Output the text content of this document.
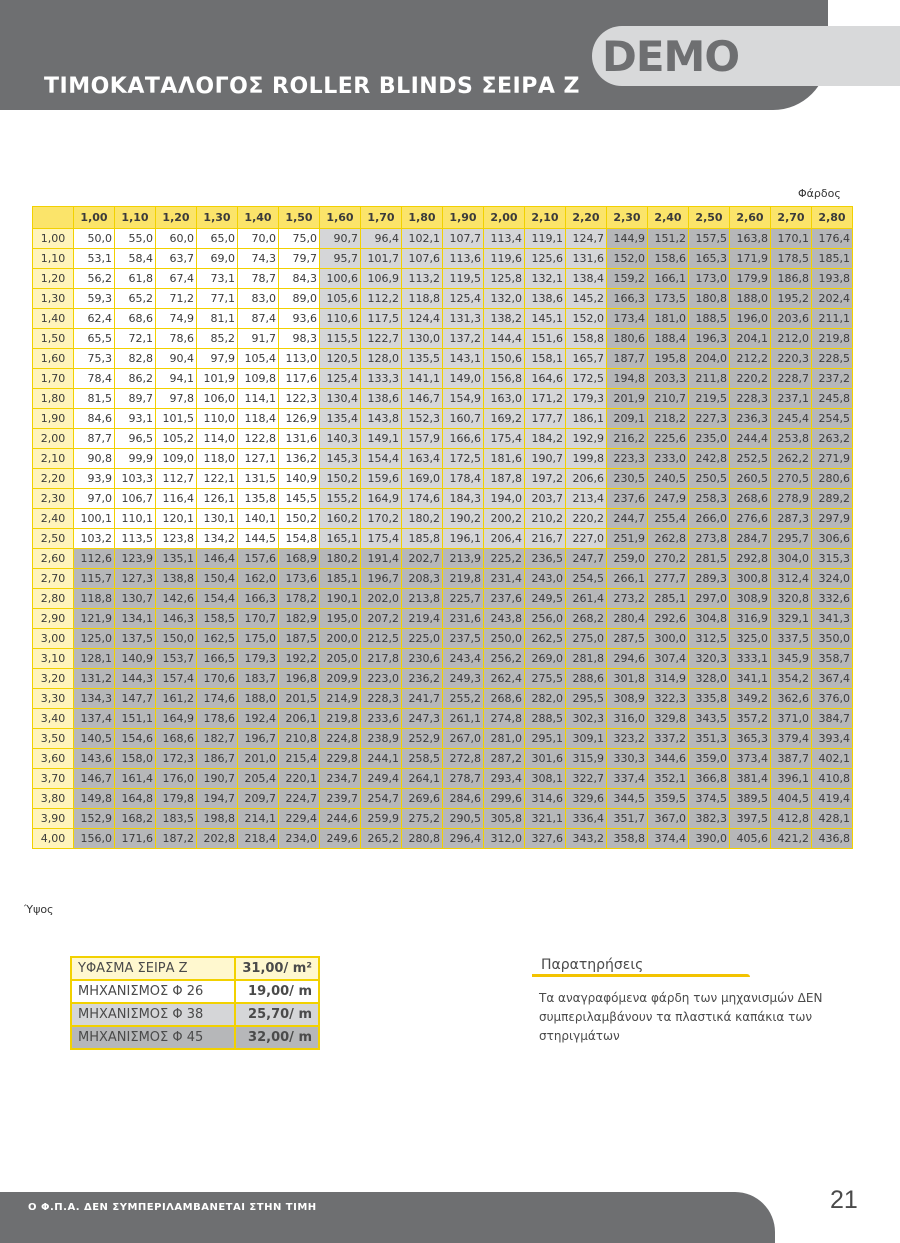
ΤΙΜΟΚΑΤΑΛΟΓΟΣ ROLLER BLINDS ΣΕΙΡΑ Ζ
DEMO
Φάρδος
	1,00	1,10	1,20	1,30	1,40	1,50	1,60	1,70	1,80	1,90	2,00	2,10	2,20	2,30	2,40	2,50	2,60	2,70	2,80
1,00	50,0	55,0	60,0	65,0	70,0	75,0	90,7	96,4	102,1	107,7	113,4	119,1	124,7	144,9	151,2	157,5	163,8	170,1	176,4
1,10	53,1	58,4	63,7	69,0	74,3	79,7	95,7	101,7	107,6	113,6	119,6	125,6	131,6	152,0	158,6	165,3	171,9	178,5	185,1
1,20	56,2	61,8	67,4	73,1	78,7	84,3	100,6	106,9	113,2	119,5	125,8	132,1	138,4	159,2	166,1	173,0	179,9	186,8	193,8
1,30	59,3	65,2	71,2	77,1	83,0	89,0	105,6	112,2	118,8	125,4	132,0	138,6	145,2	166,3	173,5	180,8	188,0	195,2	202,4
1,40	62,4	68,6	74,9	81,1	87,4	93,6	110,6	117,5	124,4	131,3	138,2	145,1	152,0	173,4	181,0	188,5	196,0	203,6	211,1
1,50	65,5	72,1	78,6	85,2	91,7	98,3	115,5	122,7	130,0	137,2	144,4	151,6	158,8	180,6	188,4	196,3	204,1	212,0	219,8
1,60	75,3	82,8	90,4	97,9	105,4	113,0	120,5	128,0	135,5	143,1	150,6	158,1	165,7	187,7	195,8	204,0	212,2	220,3	228,5
1,70	78,4	86,2	94,1	101,9	109,8	117,6	125,4	133,3	141,1	149,0	156,8	164,6	172,5	194,8	203,3	211,8	220,2	228,7	237,2
1,80	81,5	89,7	97,8	106,0	114,1	122,3	130,4	138,6	146,7	154,9	163,0	171,2	179,3	201,9	210,7	219,5	228,3	237,1	245,8
1,90	84,6	93,1	101,5	110,0	118,4	126,9	135,4	143,8	152,3	160,7	169,2	177,7	186,1	209,1	218,2	227,3	236,3	245,4	254,5
2,00	87,7	96,5	105,2	114,0	122,8	131,6	140,3	149,1	157,9	166,6	175,4	184,2	192,9	216,2	225,6	235,0	244,4	253,8	263,2
2,10	90,8	99,9	109,0	118,0	127,1	136,2	145,3	154,4	163,4	172,5	181,6	190,7	199,8	223,3	233,0	242,8	252,5	262,2	271,9
2,20	93,9	103,3	112,7	122,1	131,5	140,9	150,2	159,6	169,0	178,4	187,8	197,2	206,6	230,5	240,5	250,5	260,5	270,5	280,6
2,30	97,0	106,7	116,4	126,1	135,8	145,5	155,2	164,9	174,6	184,3	194,0	203,7	213,4	237,6	247,9	258,3	268,6	278,9	289,2
2,40	100,1	110,1	120,1	130,1	140,1	150,2	160,2	170,2	180,2	190,2	200,2	210,2	220,2	244,7	255,4	266,0	276,6	287,3	297,9
2,50	103,2	113,5	123,8	134,2	144,5	154,8	165,1	175,4	185,8	196,1	206,4	216,7	227,0	251,9	262,8	273,8	284,7	295,7	306,6
2,60	112,6	123,9	135,1	146,4	157,6	168,9	180,2	191,4	202,7	213,9	225,2	236,5	247,7	259,0	270,2	281,5	292,8	304,0	315,3
2,70	115,7	127,3	138,8	150,4	162,0	173,6	185,1	196,7	208,3	219,8	231,4	243,0	254,5	266,1	277,7	289,3	300,8	312,4	324,0
2,80	118,8	130,7	142,6	154,4	166,3	178,2	190,1	202,0	213,8	225,7	237,6	249,5	261,4	273,2	285,1	297,0	308,9	320,8	332,6
2,90	121,9	134,1	146,3	158,5	170,7	182,9	195,0	207,2	219,4	231,6	243,8	256,0	268,2	280,4	292,6	304,8	316,9	329,1	341,3
3,00	125,0	137,5	150,0	162,5	175,0	187,5	200,0	212,5	225,0	237,5	250,0	262,5	275,0	287,5	300,0	312,5	325,0	337,5	350,0
3,10	128,1	140,9	153,7	166,5	179,3	192,2	205,0	217,8	230,6	243,4	256,2	269,0	281,8	294,6	307,4	320,3	333,1	345,9	358,7
3,20	131,2	144,3	157,4	170,6	183,7	196,8	209,9	223,0	236,2	249,3	262,4	275,5	288,6	301,8	314,9	328,0	341,1	354,2	367,4
3,30	134,3	147,7	161,2	174,6	188,0	201,5	214,9	228,3	241,7	255,2	268,6	282,0	295,5	308,9	322,3	335,8	349,2	362,6	376,0
3,40	137,4	151,1	164,9	178,6	192,4	206,1	219,8	233,6	247,3	261,1	274,8	288,5	302,3	316,0	329,8	343,5	357,2	371,0	384,7
3,50	140,5	154,6	168,6	182,7	196,7	210,8	224,8	238,9	252,9	267,0	281,0	295,1	309,1	323,2	337,2	351,3	365,3	379,4	393,4
3,60	143,6	158,0	172,3	186,7	201,0	215,4	229,8	244,1	258,5	272,8	287,2	301,6	315,9	330,3	344,6	359,0	373,4	387,7	402,1
3,70	146,7	161,4	176,0	190,7	205,4	220,1	234,7	249,4	264,1	278,7	293,4	308,1	322,7	337,4	352,1	366,8	381,4	396,1	410,8
3,80	149,8	164,8	179,8	194,7	209,7	224,7	239,7	254,7	269,6	284,6	299,6	314,6	329,6	344,5	359,5	374,5	389,5	404,5	419,4
3,90	152,9	168,2	183,5	198,8	214,1	229,4	244,6	259,9	275,2	290,5	305,8	321,1	336,4	351,7	367,0	382,3	397,5	412,8	428,1
4,00	156,0	171,6	187,2	202,8	218,4	234,0	249,6	265,2	280,8	296,4	312,0	327,6	343,2	358,8	374,4	390,0	405,6	421,2	436,8
Ύψος
ΥΦΑΣΜΑ ΣΕΙΡΑ Ζ	31,00/ m²
ΜΗΧΑΝΙΣΜΟΣ Φ 26	19,00/ m
ΜΗΧΑΝΙΣΜΟΣ Φ 38	25,70/ m
ΜΗΧΑΝΙΣΜΟΣ Φ 45	32,00/ m
Παρατηρήσεις
Τα αναγραφόμενα φάρδη των μηχανισμών ΔΕΝ συμπεριλαμβάνουν τα πλαστικά καπάκια των στηριγμάτων
Ο Φ.Π.Α. ΔΕΝ ΣΥΜΠΕΡΙΛΑΜΒΑΝΕΤΑΙ ΣΤΗΝ ΤΙΜΗ	21
